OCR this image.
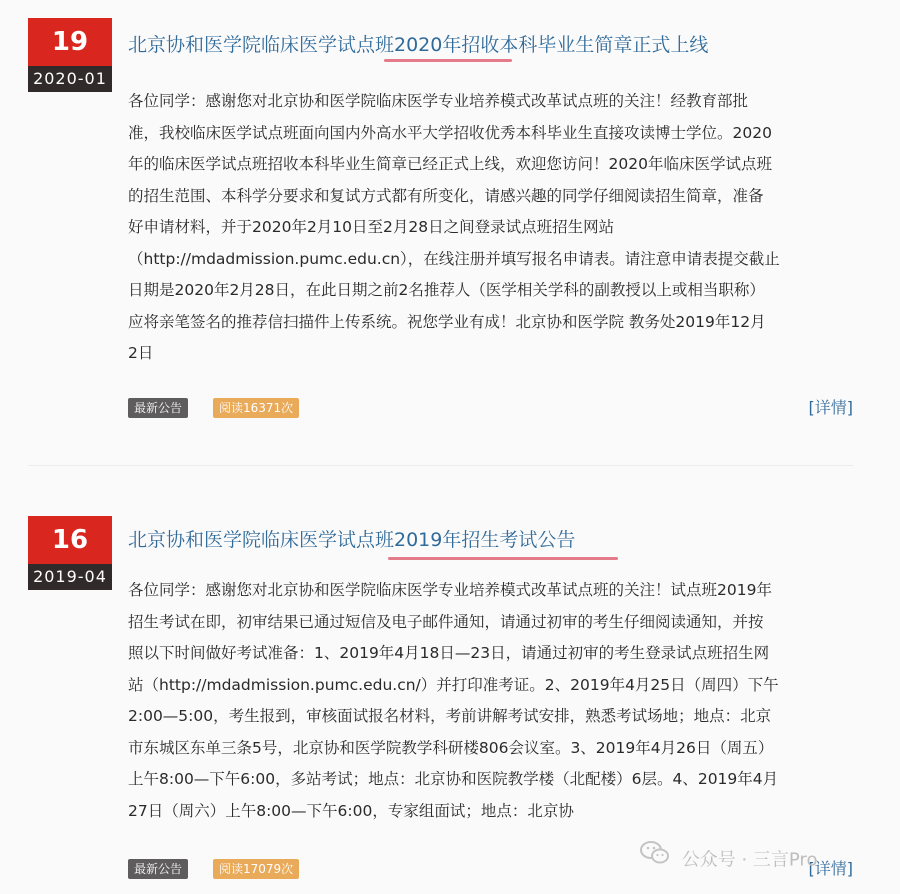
19
2020-01
北京协和医学院临床医学试点班2020年招收本科毕业生简章正式上线
各位同学：感谢您对北京协和医学院临床医学专业培养模式改革试点班的关注！经教育部批
准，我校临床医学试点班面向国内外高水平大学招收优秀本科毕业生直接攻读博士学位。2020
年的临床医学试点班招收本科毕业生简章已经正式上线，欢迎您访问！2020年临床医学试点班
的招生范围、本科学分要求和复试方式都有所变化，请感兴趣的同学仔细阅读招生简章，准备
好申请材料，并于2020年2月10日至2月28日之间登录试点班招生网站
（http://mdadmission.pumc.edu.cn），在线注册并填写报名申请表。请注意申请表提交截止
日期是2020年2月28日，在此日期之前2名推荐人（医学相关学科的副教授以上或相当职称）
应将亲笔签名的推荐信扫描件上传系统。祝您学业有成！北京协和医学院 教务处2019年12月
2日
最新公告	阅读16371次	[详情]
16
2019-04
北京协和医学院临床医学试点班2019年招生考试公告
各位同学：感谢您对北京协和医学院临床医学专业培养模式改革试点班的关注！试点班2019年
招生考试在即，初审结果已通过短信及电子邮件通知，请通过初审的考生仔细阅读通知，并按
照以下时间做好考试准备：1、2019年4月18日—23日，请通过初审的考生登录试点班招生网
站（http://mdadmission.pumc.edu.cn/）并打印准考证。2、2019年4月25日（周四）下午
2:00—5:00，考生报到，审核面试报名材料，考前讲解考试安排，熟悉考试场地；地点：北京
市东城区东单三条5号，北京协和医学院教学科研楼806会议室。3、2019年4月26日（周五）
上午8:00—下午6:00，多站考试；地点：北京协和医院教学楼（北配楼）6层。4、2019年4月
27日（周六）上午8:00—下午6:00，专家组面试；地点：北京协
最新公告	阅读17079次	[详情]
公众号 · 三言Pro
